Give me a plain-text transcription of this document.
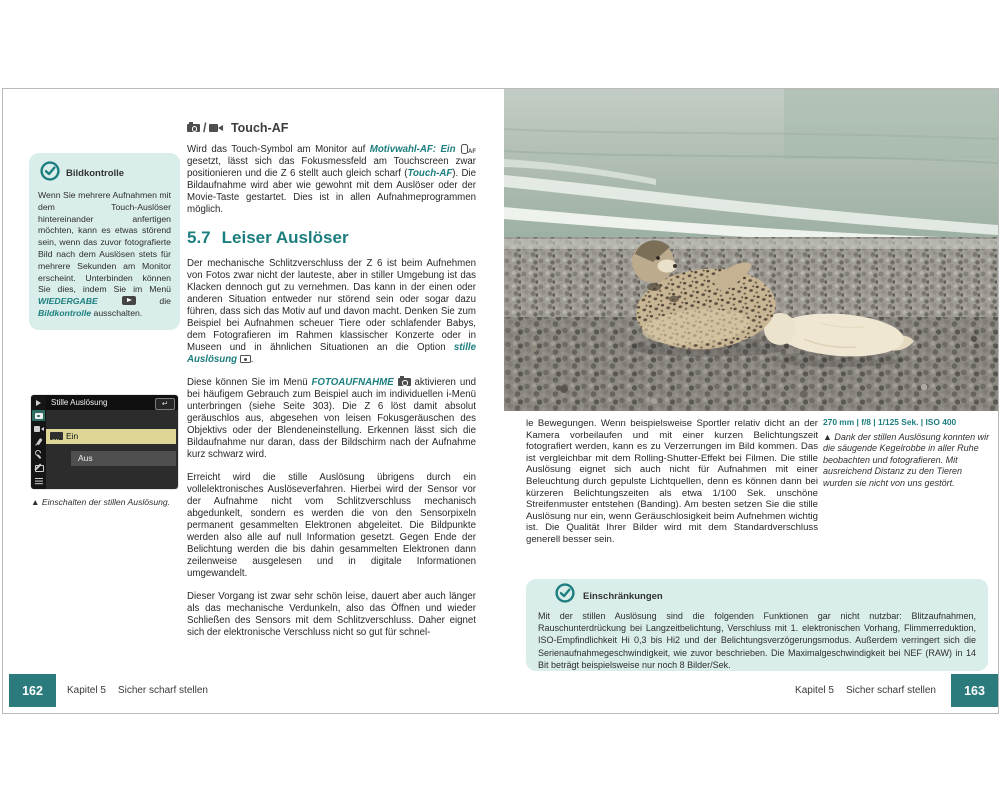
Bildkontrolle
Wenn Sie mehrere Aufnahmen mit dem Touch-Auslöser hintereinander anfertigen möchten, kann es etwas störend sein, wenn das zuvor fotografierte Bild nach dem Auslösen stets für mehrere Sekunden am Monitor erscheint. Unterbinden können Sie dies, indem Sie im Menü WIEDERGABE	die Bildkontrolle ausschalten.
Stille Auslösung	↵
ON Ein
Aus
▲ Einschalten der stillen Auslösung.
/
Touch-AF

Wird das Touch-Symbol am Monitor auf Motivwahl-AF: Ein AF gesetzt, lässt sich das Fokusmessfeld am Touchscreen zwar positionieren und die Z 6 stellt auch gleich scharf (Touch-AF). Die Bildaufnahme wird aber wie gewohnt mit dem Auslöser oder der Movie-Taste gestartet. Dies ist in allen Aufnahmeprogrammen möglich.

5.7 Leiser Auslöser

Der mechanische Schlitzverschluss der Z 6 ist beim Aufnehmen von Fotos zwar nicht der lauteste, aber in stiller Umgebung ist das Klacken dennoch gut zu vernehmen. Das kann in der einen oder anderen Situation entweder nur störend sein oder sogar dazu führen, dass sich das Motiv auf und davon macht. Denken Sie zum Beispiel bei Aufnahmen scheuer Tiere oder schlafender Babys, dem Fotografieren im Rahmen klassischer Konzerte oder in Museen und in ähnlichen Situationen an die Option stille Auslösung .

Diese können Sie im Menü FOTOAUFNAHME  aktivieren und bei häufigem Gebrauch zum Beispiel auch im individuellen i-Menü unterbringen (siehe Seite 303). Die Z 6 löst damit absolut geräuschlos aus, abgesehen von leisen Fokusgeräuschen des Objektivs oder der Blendeneinstellung. Erkennen lässt sich die Bildaufnahme nur daran, dass der Bildschirm nach der Aufnahme kurz schwarz wird.

Erreicht wird die stille Auslösung übrigens durch ein vollelektronisches Auslöseverfahren. Hierbei wird der Sensor vor der Aufnahme nicht vom Schlitzverschluss mechanisch abgedunkelt, sondern es werden die von den Sensorpixeln permanent gesammelten Elektronen abgeleitet. Die Bildpunkte werden also alle auf null Information gesetzt. Gegen Ende der Belichtung werden die bis dahin gesammelten Elektronen dann zeilenweise ausgelesen und in digitale Informationen umgewandelt.

Dieser Vorgang ist zwar sehr schön leise, dauert aber auch länger als das mechanische Verdunkeln, also das Öffnen und wieder Schließen des Sensors mit dem Schlitzverschluss. Daher eignet sich der elektronische Verschluss nicht so gut für schnel-

le Bewegungen. Wenn beispielsweise Sportler relativ dicht an der Kamera vorbeilaufen und mit einer kurzen Belichtungszeit fotografiert werden, kann es zu Verzerrungen im Bild kommen. Das ist vergleichbar mit dem Rolling-Shutter-Effekt bei Filmen. Die stille Auslösung eignet sich auch nicht für Aufnahmen mit einer Beleuchtung durch gepulste Lichtquellen, denn es können dann bei kürzeren Belichtungszeiten als etwa 1/100 Sek. unschöne Streifenmuster entstehen (Banding). Am besten setzen Sie die stille Auslösung nur ein, wenn Geräuschlosigkeit beim Aufnehmen wichtig ist. Die Qualität Ihrer Bilder wird mit dem Standardverschluss generell besser sein.

270 mm | f/8 | 1/125 Sek. | ISO 400

▲ Dank der stillen Auslösung konnten wir die säugende Kegelrobbe in aller Ruhe beobachten und fotografieren. Mit ausreichend Distanz zu den Tieren wurden sie nicht von uns gestört.

Einschränkungen
Mit der stillen Auslösung sind die folgenden Funktionen gar nicht nutzbar: Blitzaufnahmen, Rauschunterdrückung bei Langzeitbelichtung, Verschluss mit 1. elektronischen Vorhang, Flimmerreduktion, ISO-Empfindlichkeit Hi 0,3 bis Hi2 und der Belichtungsverzögerungsmodus. Außerdem verringert sich die Serienaufnahmegeschwindigkeit, wie zuvor beschrieben. Die Maximalgeschwindigkeit bei NEF (RAW) in 14 Bit beträgt beispielsweise nur noch 8 Bilder/Sek.
162	Kapitel 5 Sicher scharf stellen	Kapitel 5 Sicher scharf stellen	163
